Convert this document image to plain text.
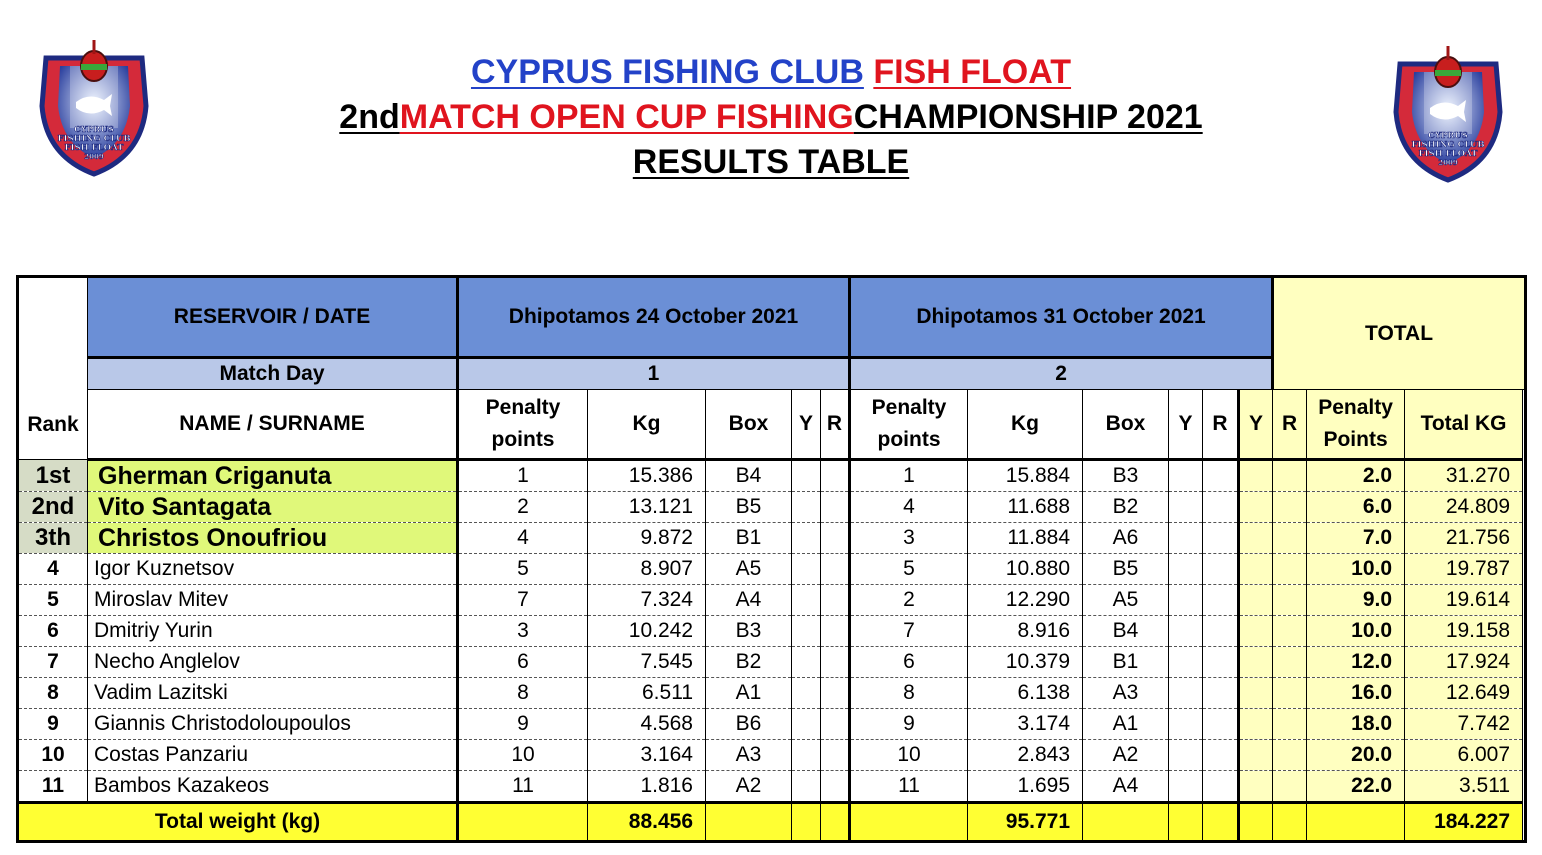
CYPRUS
FISHING CLUB
FISH FLOAT
2009
CYPRUS
FISHING CLUB
FISH FLOAT
2009
CYPRUS FISHING CLUB FISH FLOAT
2ndMATCH OPEN CUP FISHINGCHAMPIONSHIP 2021
RESULTS TABLE
Rank	RESERVOIR / DATE	Dhipotamos 24 October 2021					Dhipotamos 31 October 2021						TOTAL		
	Match Day	1					2								
	NAME / SURNAME	Penalty points	Kg	Box	Y	R	Penalty points	Kg	Box	Y	R	Y	R	Penalty Points	Total KG
1st	Gherman Criganuta	1	15.386	B4			1	15.884	B3					2.0	31.270
2nd	Vito Santagata	2	13.121	B5			4	11.688	B2					6.0	24.809
3th	Christos Onoufriou	4	9.872	B1			3	11.884	A6					7.0	21.756
4	Igor Kuznetsov	5	8.907	A5			5	10.880	B5					10.0	19.787
5	Miroslav Mitev	7	7.324	A4			2	12.290	A5					9.0	19.614
6	Dmitriy Yurin	3	10.242	B3			7	8.916	B4					10.0	19.158
7	Necho Anglelov	6	7.545	B2			6	10.379	B1					12.0	17.924
8	Vadim Lazitski	8	6.511	A1			8	6.138	A3					16.0	12.649
9	Giannis Christodoloupoulos	9	4.568	B6			9	3.174	A1					18.0	7.742
10	Costas Panzariu	10	3.164	A3			10	2.843	A2					20.0	6.007
11	Bambos Kazakeos	11	1.816	A2			11	1.695	A4					22.0	3.511
Total weight (kg)			88.456					95.771							184.227
